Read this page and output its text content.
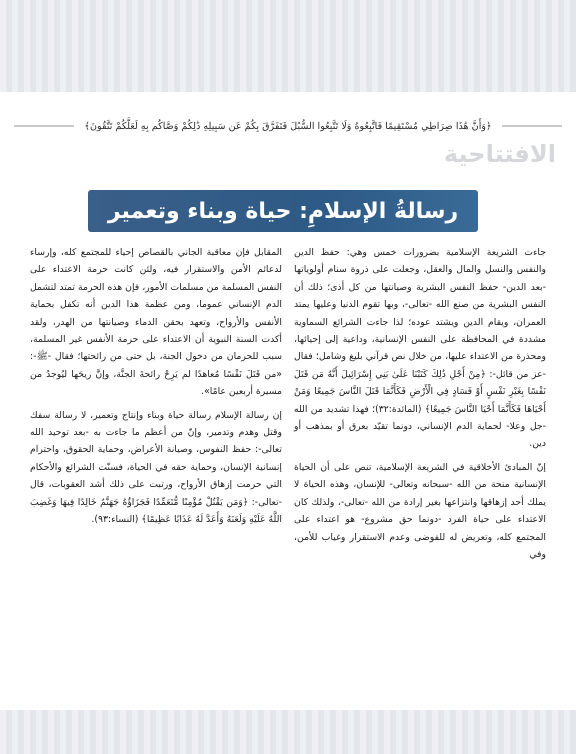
﴿وَأَنَّ هَٰذَا صِرَاطِي مُسْتَقِيمًا فَاتَّبِعُوهُ وَلَا تَتَّبِعُوا السُّبُلَ فَتَفَرَّقَ بِكُمْ عَن سَبِيلِهِ ذَٰلِكُمْ وَصَّاكُم بِهِ لَعَلَّكُمْ تَتَّقُونَ﴾
الافتتاحية
رسالةُ الإسلامِ: حياة وبناء وتعمير

جاءت الشريعة الإسلامية بضرورات خمس وهي: حفظ الدين والنفس والنسل والمال والعقل، وجعلت على ذروة سنام أولوياتها -بعد الدين- حفظ النفس البشرية وصيانتها من كل أذى؛ ذلك أن النفس البشرية من صنع الله -تعالى-، وبها تقوم الدنيا وعليها يمتد العمران، ويقام الدين ويشتد عوده؛ لذا جاءت الشرائع السماوية مشددة في المحافظة على النفس الإنسانية، وداعية إلى إحيائها، ومحذرة من الاعتداء عليها، من خلال نص قرآني بليغ وشامل؛ فقال -عز من قائل-: ﴿مِنْ أَجْلِ ذَٰلِكَ كَتَبْنَا عَلَىٰ بَنِي إِسْرَائِيلَ أَنَّهُ مَن قَتَلَ نَفْسًا بِغَيْرِ نَفْسٍ أَوْ فَسَادٍ فِي الْأَرْضِ فَكَأَنَّمَا قَتَلَ النَّاسَ جَمِيعًا وَمَنْ أَحْيَاهَا فَكَأَنَّمَا أَحْيَا النَّاسَ جَمِيعًا﴾ (المائدة:٣٢)؛ فهذا تشديد من الله -جل وعلا- لحماية الدم الإنساني، دونما تقيّد بعرق أو بمذهب أو دين.

إنّ المبادئ الأخلاقية في الشريعة الإسلامية، تنص على أن الحياة الإنسانية منحة من الله -سبحانه وتعالى- للإنسان، وهذه الحياة لا يملك أحد إزهاقها وانتزاعها بغير إرادة من الله -تعالى-، ولذلك كان الاعتداء على حياة الفرد -دونما حق مشروع- هو اعتداء على المجتمع كله، وتعريض له للفوضى وعدم الاستقرار وغياب للأمن، وفي

المقابل فإن معاقبة الجاني بالقصاص إحياء للمجتمع كله، وإرساء لدعائم الأمن والاستقرار فيه، ولئن كانت حرمة الاعتداء على النفس المسلمة من مسلمات الأمور، فإن هذه الحرمة تمتد لتشمل الدم الإنساني عموما، ومن عظمة هذا الدين أنه تكفل بحماية الأنفس والأرواح، وتعهد بحقن الدماء وصيانتها من الهدر، ولقد أكدت السنة النبوية أن الاعتداء على حرمة الأنفس غير المسلمة، سبب للحرمان من دخول الجنة، بل حتى من رائحتها؛ فقال -ﷺ-: «من قَتَلَ نَفْسًا مُعاهدًا لم يَرِحْ رائحةَ الجنَّة، وإنَّ ريحَها ليُوجدُ من مسيرة أربعين عامًا».

إن رسالة الإسلام رسالة حياة وبناء وإنتاج وتعمير، لا رسالة سفك وقتل وهدم وتدمير، وإنّ من أعظم ما جاءت به -بعد توحيد الله تعالى-: حفظ النفوس، وصيانة الأعراض، وحماية الحقوق، واحترام إنسانية الإنسان، وحماية حقه في الحياة، فسنّت الشرائع والأحكام التي حرمت إزهاق الأرواح، ورتبت على ذلك أشد العقوبات، قال -تعالى-: ﴿وَمَن يَقْتُلْ مُؤْمِنًا مُّتَعَمِّدًا فَجَزَاؤُهُ جَهَنَّمُ خَالِدًا فِيهَا وَغَضِبَ اللَّهُ عَلَيْهِ وَلَعَنَهُ وَأَعَدَّ لَهُ عَذَابًا عَظِيمًا﴾ (النساء:٩٣).
